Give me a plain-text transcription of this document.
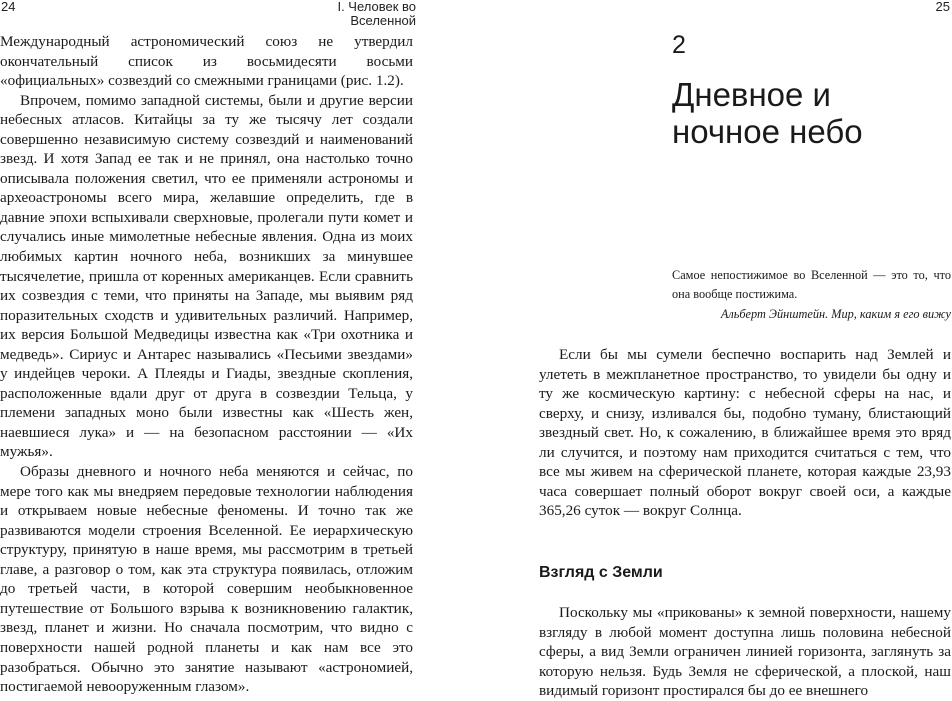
24	I. Человек во Вселенной
25

Международный астрономический союз не утвердил окончательный список из восьмидесяти восьми «официальных» созвездий со смежными границами (рис. 1.2).

Впрочем, помимо западной системы, были и другие версии небесных атласов. Китайцы за ту же тысячу лет создали совершенно независимую систему созвездий и наименований звезд. И хотя Запад ее так и не принял, она настолько точно описывала положения светил, что ее применяли астрономы и археоастрономы всего мира, желавшие определить, где в давние эпохи вспыхивали сверхновые, пролегали пути комет и случались иные мимолетные небесные явления. Одна из моих любимых картин ночного неба, возникших за минувшее тысячелетие, пришла от коренных американцев. Если сравнить их созвездия с теми, что приняты на Западе, мы выявим ряд поразительных сходств и удивительных различий. Например, их версия Большой Медведицы известна как «Три охотника и медведь». Сириус и Антарес назывались «Песьими звездами» у индейцев чероки. А Плеяды и Гиады, звездные скопления, расположенные вдали друг от друга в созвездии Тельца, у племени западных моно были известны как «Шесть жен, наевшиеся лука» и — на безопасном расстоянии — «Их мужья».

Образы дневного и ночного неба меняются и сейчас, по мере того как мы внедряем передовые технологии наблюдения и открываем новые небесные феномены. И точно так же развиваются модели строения Вселенной. Ее иерархическую структуру, принятую в наше время, мы рассмотрим в третьей главе, а разговор о том, как эта структура появилась, отложим до третьей части, в которой совершим необыкновенное путешествие от Большого взрыва к возникновению галактик, звезд, планет и жизни. Но сначала посмотрим, что видно с поверхности нашей родной планеты и как нам все это разобраться. Обычно это занятие называют «астрономией, постигаемой невооруженным глазом».

2
Дневное и ночное небо

Самое непостижимое во Вселенной — это то, что она вообще постижима.

Альберт Эйнштейн. Мир, каким я его вижу

Если бы мы сумели беспечно воспарить над Землей и улететь в межпланетное пространство, то увидели бы одну и ту же космическую картину: с небесной сферы на нас, и сверху, и снизу, изливался бы, подобно туману, блистающий звездный свет. Но, к сожалению, в ближайшее время это вряд ли случится, и поэтому нам приходится считаться с тем, что все мы живем на сферической планете, которая каждые 23,93 часа совершает полный оборот вокруг своей оси, а каждые 365,26 суток — вокруг Солнца.

Взгляд с Земли

Поскольку мы «прикованы» к земной поверхности, нашему взгляду в любой момент доступна лишь половина небесной сферы, а вид Земли ограничен линией горизонта, заглянуть за которую нельзя. Будь Земля не сферической, а плоской, наш видимый горизонт простирался бы до ее внешнего
